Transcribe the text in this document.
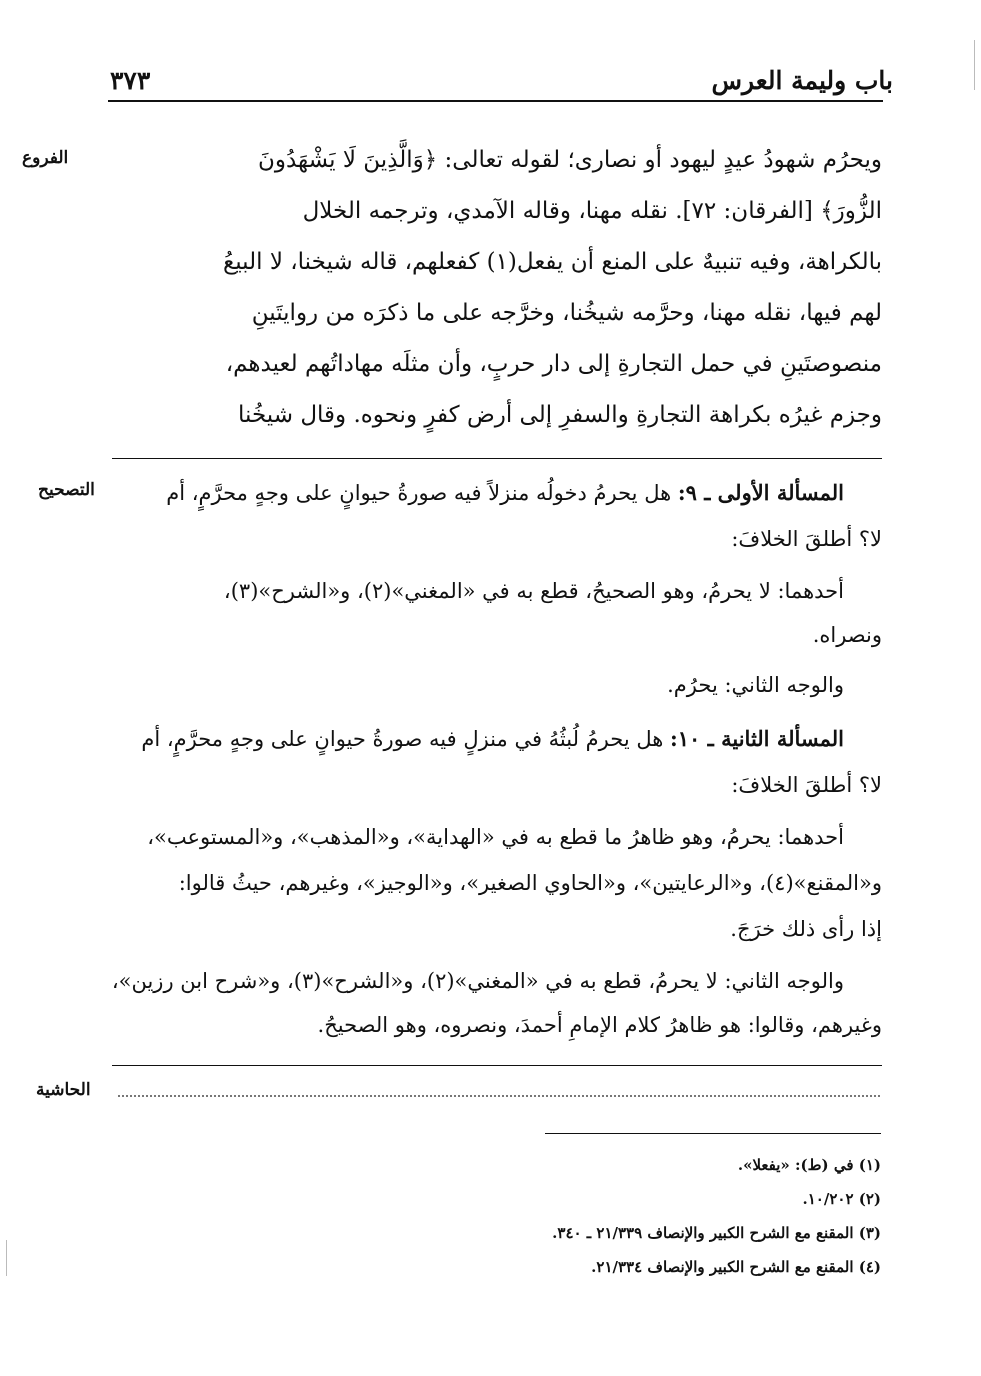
باب وليمة العرس
٣٧٣
الفروع
التصحيح
الحاشية
ويحرُم شهودُ عيدٍ ليهود أو نصارى؛ لقوله تعالى: ﴿وَالَّذِينَ لَا يَشْهَدُونَ
الزُّورَ﴾ [الفرقان: ٧٢]. نقله مهنا، وقاله الآمدي، وترجمه الخلال
بالكراهة، وفيه تنبيهٌ على المنع أن يفعل(١) كفعلهم، قاله شيخنا، لا البيعُ
لهم فيها، نقله مهنا، وحرَّمه شيخُنا، وخرَّجه على ما ذكرَه من روايتَينِ
منصوصتَينِ في حمل التجارةِ إلى دار حربٍ، وأن مثلَه مهاداتُهم لعيدهم،
وجزم غيرُه بكراهة التجارةِ والسفرِ إلى أرض كفرٍ ونحوه. وقال شيخُنا
المسألة الأولى ـ ٩: هل يحرمُ دخولُه منزلاً فيه صورةُ حيوانٍ على وجهٍ محرَّمٍ، أم
لا؟ أطلقَ الخلافَ:
أحدهما: لا يحرمُ، وهو الصحيحُ، قطع به في «المغني»(٢)، و«الشرح»(٣)،
ونصراه.
والوجه الثاني: يحرُم.
المسألة الثانية ـ ١٠: هل يحرمُ لُبثُهُ في منزلٍ فيه صورةُ حيوانٍ على وجهٍ محرَّمٍ، أم
لا؟ أطلقَ الخلافَ:
أحدهما: يحرمُ، وهو ظاهرُ ما قطع به في «الهداية»، و«المذهب»، و«المستوعب»،
و«المقنع»(٤)، و«الرعايتين»، و«الحاوي الصغير»، و«الوجيز»، وغيرهم، حيثُ قالوا:
إذا رأى ذلك خرَجَ.
والوجه الثاني: لا يحرمُ، قطع به في «المغني»(٢)، و«الشرح»(٣)، و«شرح ابن رزين»،
وغيرهم، وقالوا: هو ظاهرُ كلام الإمامِ أحمدَ، ونصروه، وهو الصحيحُ.
(١) في (ط): «يفعلا».
(٢) ١٠/٢٠٢.
(٣) المقنع مع الشرح الكبير والإنصاف ٢١/٣٣٩ ـ ٣٤٠.
(٤) المقنع مع الشرح الكبير والإنصاف ٢١/٣٣٤.
